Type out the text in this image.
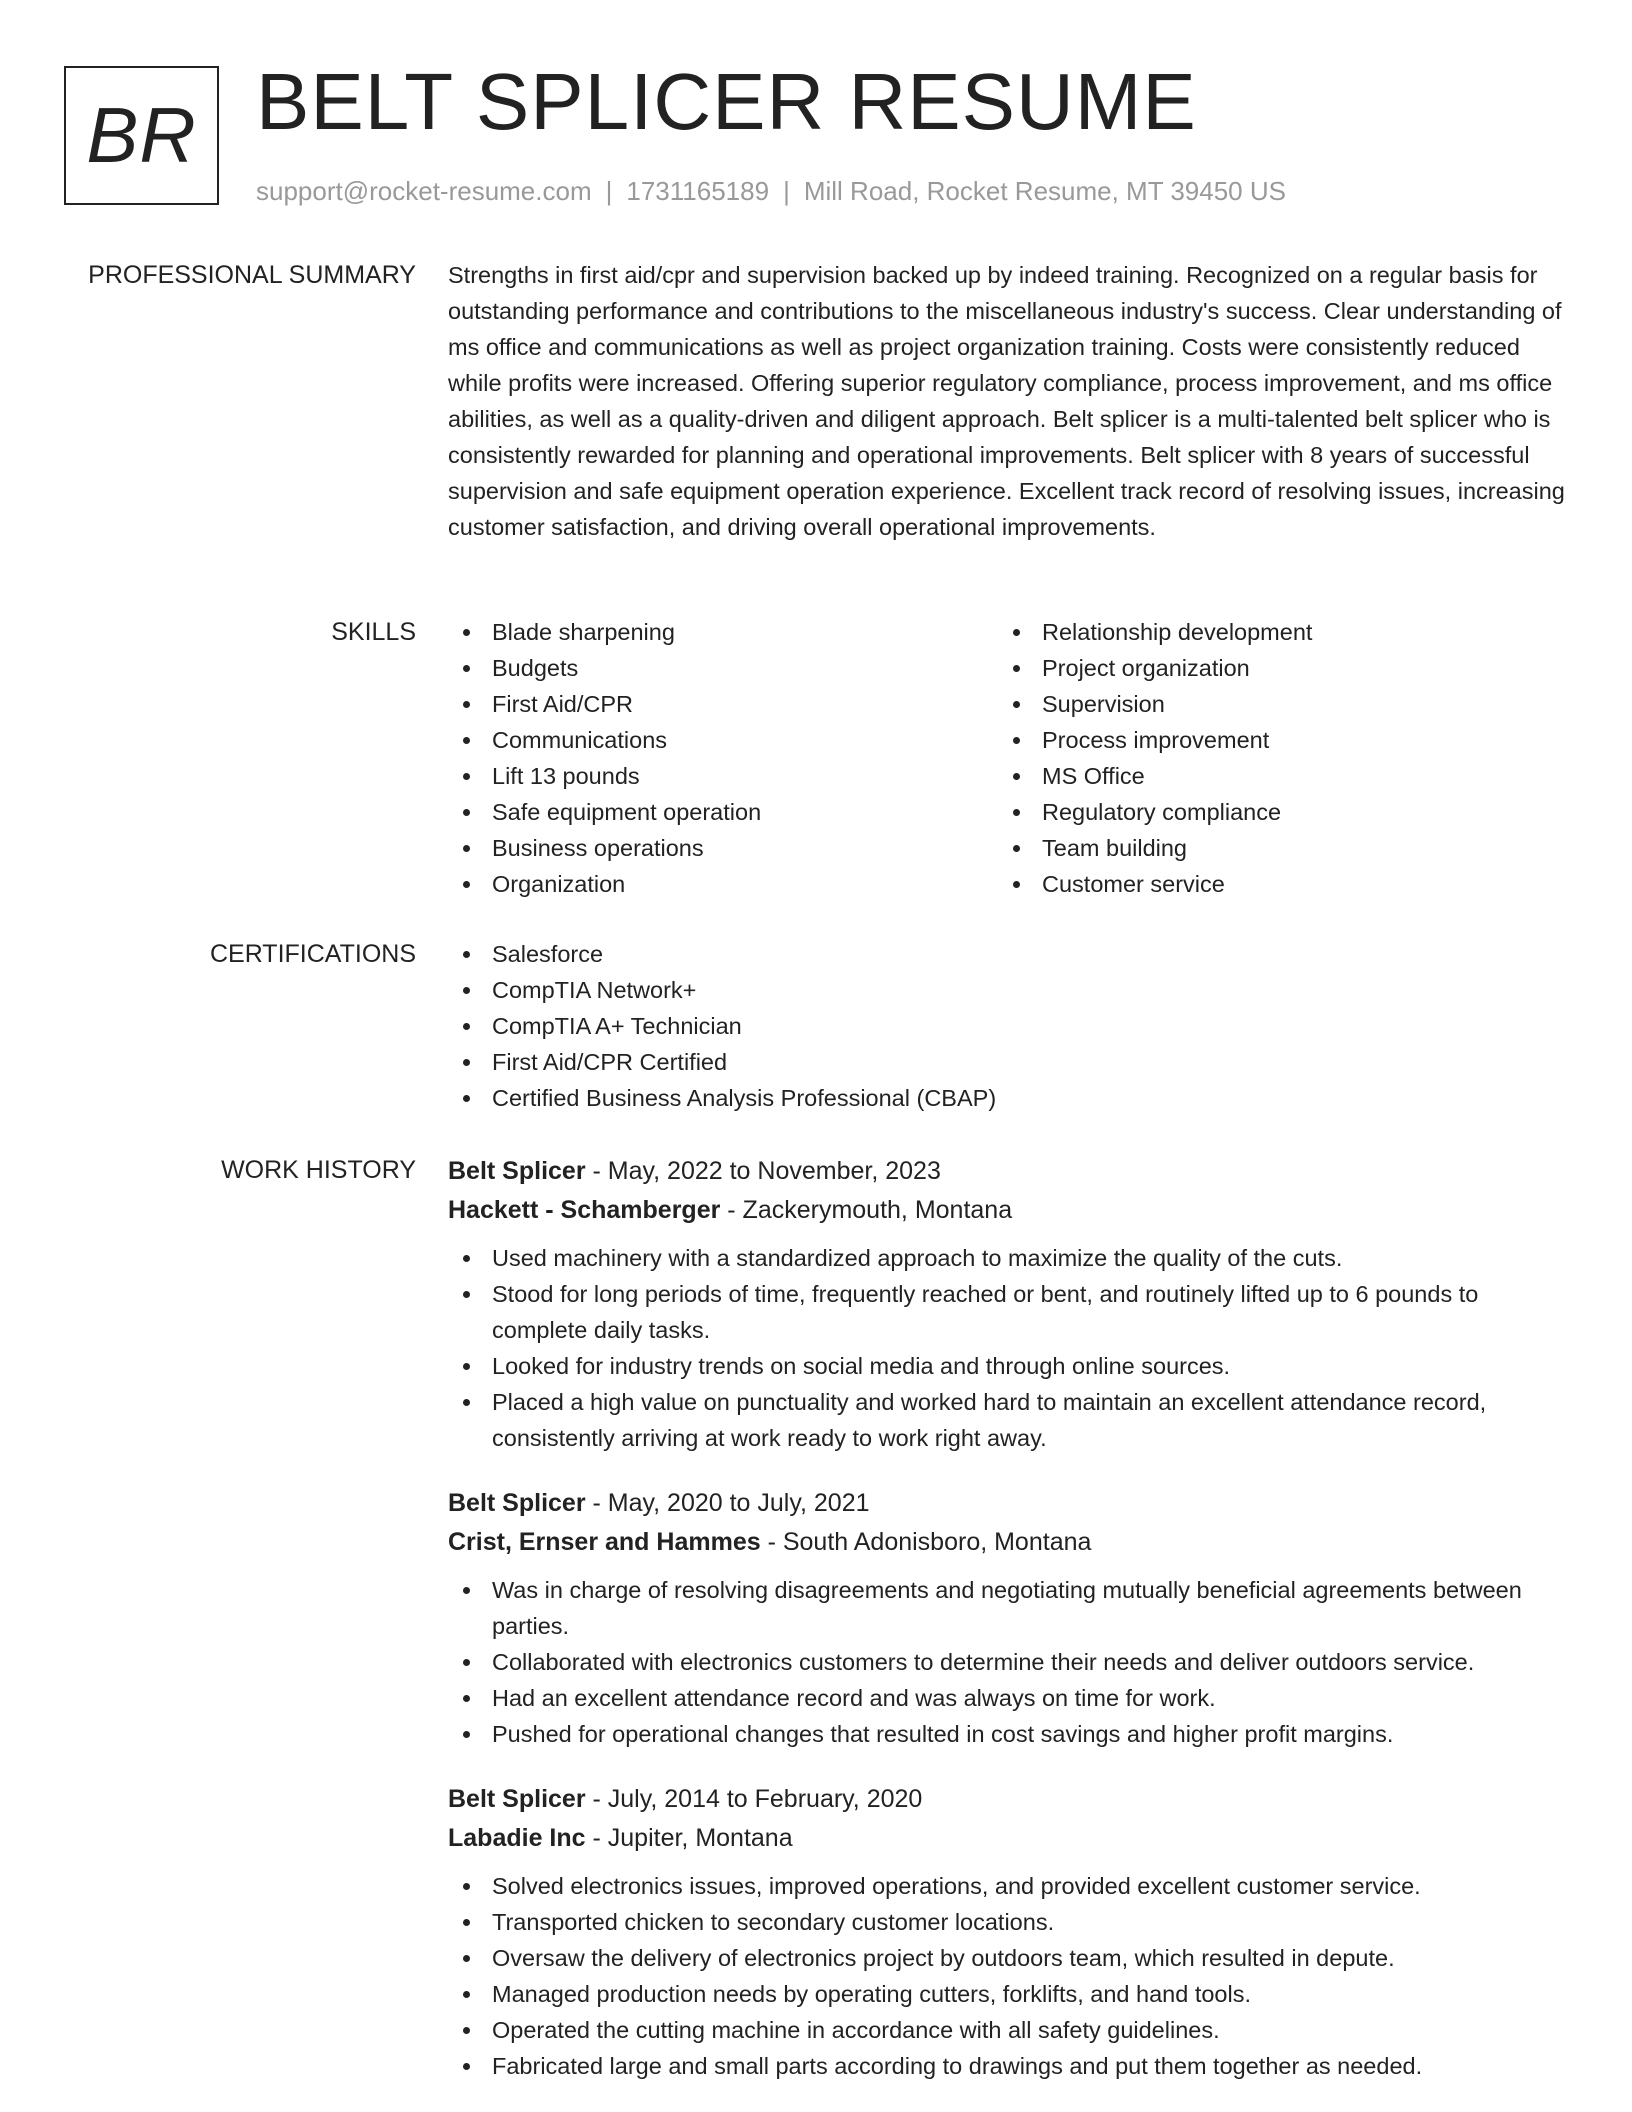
BR BELT SPLICER RESUME
support@rocket-resume.com | 1731165189 | Mill Road, Rocket Resume, MT 39450 US
PROFESSIONAL SUMMARY Strengths in first aid/cpr and supervision backed up by indeed training. Recognized on a regular basis for outstanding performance and contributions to the miscellaneous industry's success. Clear understanding of ms office and communications as well as project organization training. Costs were consistently reduced while profits were increased. Offering superior regulatory compliance, process improvement, and ms office abilities, as well as a quality-driven and diligent approach. Belt splicer is a multi-talented belt splicer who is consistently rewarded for planning and operational improvements. Belt splicer with 8 years of successful supervision and safe equipment operation experience. Excellent track record of resolving issues, increasing customer satisfaction, and driving overall operational improvements.

SKILLS	Blade sharpening
Budgets
First Aid/CPR
Communications
Lift 13 pounds
Safe equipment operation
Business operations
Organization
Relationship development
Project organization
Supervision
Process improvement
MS Office
Regulatory compliance
Team building
Customer service
CERTIFICATIONS	Salesforce
CompTIA Network+
CompTIA A+ Technician
First Aid/CPR Certified
Certified Business Analysis Professional (CBAP)
WORK HISTORY Belt Splicer - May, 2022 to November, 2023
Hackett - Schamberger - Zackerymouth, Montana
Used machinery with a standardized approach to maximize the quality of the cuts.
Stood for long periods of time, frequently reached or bent, and routinely lifted up to 6 pounds to complete daily tasks.
Looked for industry trends on social media and through online sources.
Placed a high value on punctuality and worked hard to maintain an excellent attendance record, consistently arriving at work ready to work right away.
Belt Splicer - May, 2020 to July, 2021
Crist, Ernser and Hammes - South Adonisboro, Montana
Was in charge of resolving disagreements and negotiating mutually beneficial agreements between parties.
Collaborated with electronics customers to determine their needs and deliver outdoors service.
Had an excellent attendance record and was always on time for work.
Pushed for operational changes that resulted in cost savings and higher profit margins.
Belt Splicer - July, 2014 to February, 2020
Labadie Inc - Jupiter, Montana
Solved electronics issues, improved operations, and provided excellent customer service.
Transported chicken to secondary customer locations.
Oversaw the delivery of electronics project by outdoors team, which resulted in depute.
Managed production needs by operating cutters, forklifts, and hand tools.
Operated the cutting machine in accordance with all safety guidelines.
Fabricated large and small parts according to drawings and put them together as needed.
